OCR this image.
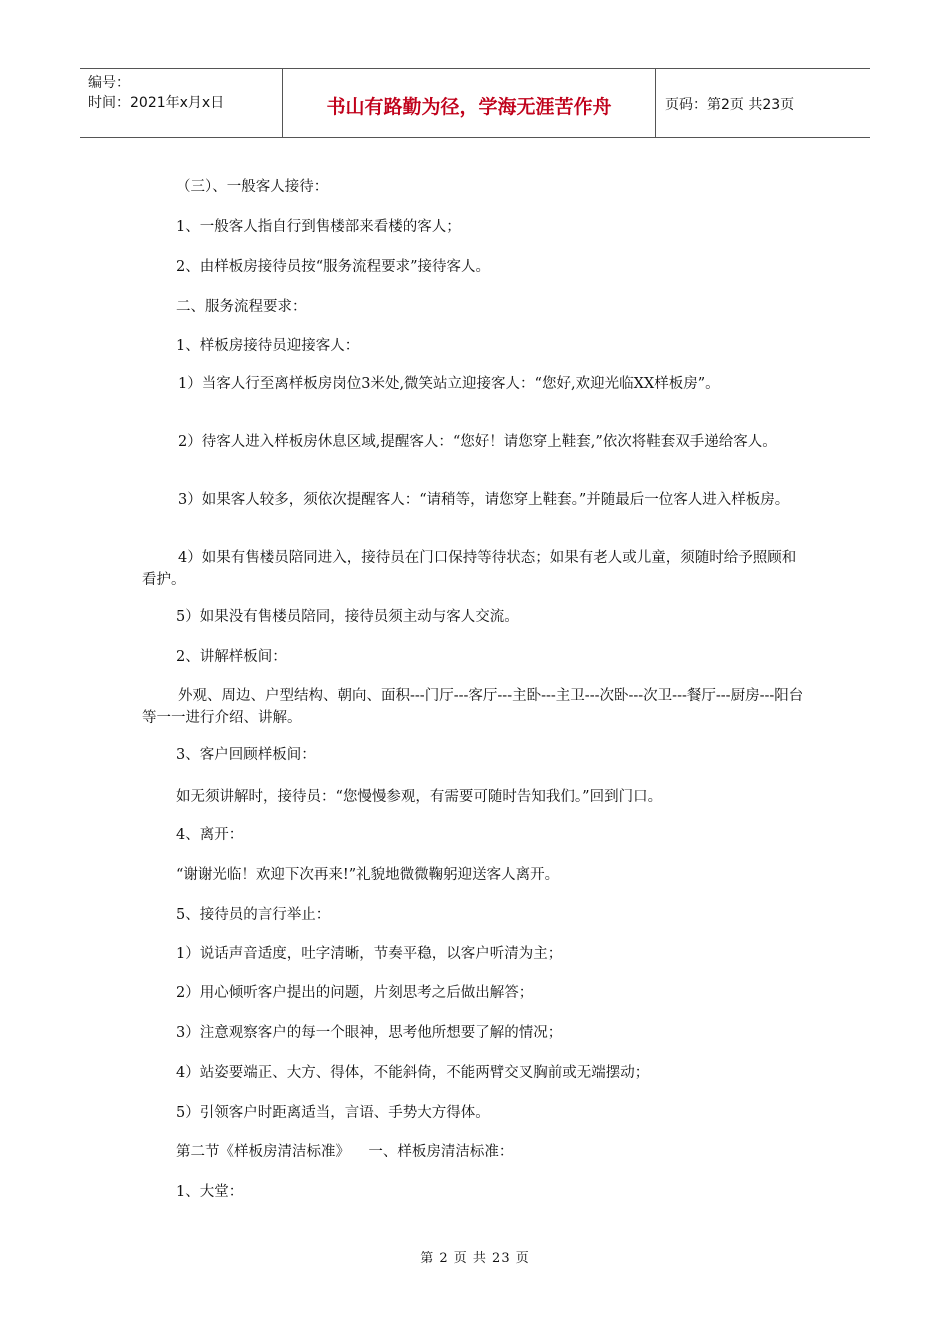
编号：
时间：2021年x月x日	书山有路勤为径，学海无涯苦作舟	页码：第2页 共23页

（三）、一般客人接待：

1、一般客人指自行到售楼部来看楼的客人；

2、由样板房接待员按“服务流程要求”接待客人。

二、服务流程要求：

1、样板房接待员迎接客人：

1）当客人行至离样板房岗位3米处,微笑站立迎接客人：“您好,欢迎光临XX样板房”。

2）待客人进入样板房休息区域,提醒客人：“您好！请您穿上鞋套,”依次将鞋套双手递给客人。

3）如果客人较多，须依次提醒客人：“请稍等，请您穿上鞋套。”并随最后一位客人进入样板房。

4）如果有售楼员陪同进入，接待员在门口保持等待状态；如果有老人或儿童，须随时给予照顾和看护。

5）如果没有售楼员陪同，接待员须主动与客人交流。

2、讲解样板间：

外观、周边、户型结构、朝向、面积---门厅---客厅---主卧---主卫---次卧---次卫---餐厅---厨房---阳台等一一进行介绍、讲解。

3、客户回顾样板间：

如无须讲解时，接待员：“您慢慢参观，有需要可随时告知我们。”回到门口。

4、离开：

“谢谢光临！欢迎下次再来!”礼貌地微微鞠躬迎送客人离开。

5、接待员的言行举止：

1）说话声音适度，吐字清晰，节奏平稳，以客户听清为主；

2）用心倾听客户提出的问题，片刻思考之后做出解答；

3）注意观察客户的每一个眼神，思考他所想要了解的情况；

4）站姿要端正、大方、得体，不能斜倚，不能两臂交叉胸前或无端摆动；

5）引领客户时距离适当，言语、手势大方得体。

第二节《样板房清洁标准》    一、样板房清洁标准：

1、大堂：

第 2 页 共 23 页
